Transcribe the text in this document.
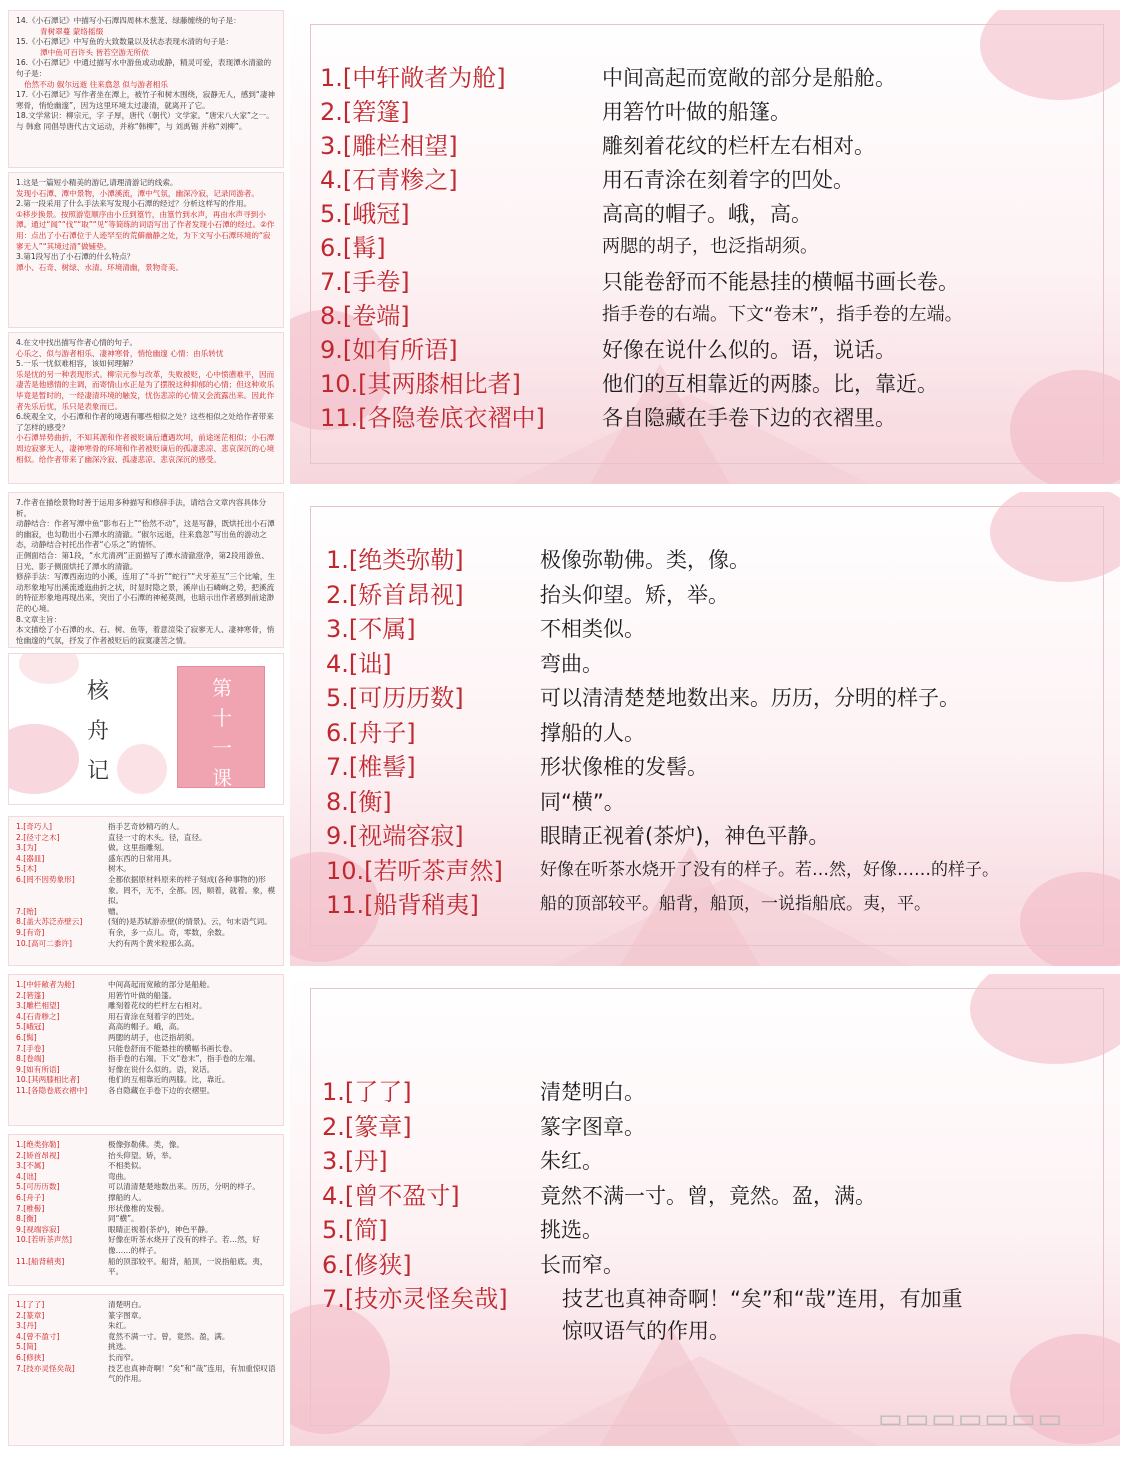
14.《小石潭记》中描写小石潭四周林木葱茏、绿藤缠绕的句子是：
青树翠蔓 蒙络摇缀
15.《小石潭记》中写鱼的大致数量以及状态表现水清的句子是：
潭中鱼可百许头 皆若空游无所依
16.《小石潭记》中通过描写水中游鱼或动或静，精灵可爱，表现潭水清澈的句子是：
佁然不动 俶尔远逝 往来翕忽 似与游者相乐
17.《小石潭记》写作者坐在潭上，被竹子和树木围绕，寂静无人，感到“凄神寒骨，悄怆幽邃”，因为这里环境太过凄清，就离开了它。
18.文学常识：柳宗元，字 子厚，唐代（朝代）文学家。“唐宋八大家”之一。与 韩愈 同倡导唐代古文运动，并称“韩柳”，与 刘禹锡 并称“刘柳”。
1.这是一篇短小精美的游记,请理清游记的线索。
发现小石潭、潭中景物，小潭溪流，潭中气氛，幽深冷寂，记录同游者。
2.第一段采用了什么手法来写发现小石潭的经过？分析这样写的作用。
①移步换景。按照游览顺序由小丘到篁竹，由篁竹到水声，再由水声寻到小潭。通过“闻”“伐”“取”“见”等简练的词语写出了作者发现小石潭的经过。②作用：点出了小石潭位于人迹罕至的荒僻幽静之处，为下文写小石潭环境的“寂寥无人”“其境过清”做铺垫。
3.第1段写出了小石潭的什么特点？
潭小、石奇、树绿、水清。环境清幽，景物奇美。
4.在文中找出描写作者心情的句子。
心乐之、似与游者相乐、凄神寒骨，悄怆幽邃 心情：由乐转忧
5.一乐一忧似难相容，该如何理解？
乐是忧的另一种表现形式。柳宗元参与改革，失败被贬，心中愤懑难平，因而凄苦是他感情的主调，而寄情山水正是为了摆脱这种抑郁的心情；但这种欢乐毕竟是暂时的，一经凄清环境的触发，忧伤悲凉的心情又会流露出来。因此作者先乐后忧，乐只是表象而已。
6.统观全文，小石潭和作者的境遇有哪些相似之处？这些相似之处给作者带来了怎样的感受？
小石潭异势曲折，不知其源和作者被贬谪后遭遇坎坷，前途迷茫相似；小石潭周边寂寥无人，凄神寒骨的环境和作者被贬谪后的孤凄悲凉、悲哀深沉的心境相似。给作者带来了幽深冷寂、孤凄悲凉、悲哀深沉的感受。
7.作者在描绘景物时善于运用多种描写和修辞手法，请结合文章内容具体分析。
动静结合：作者写潭中鱼“影布石上”“佁然不动”，这是写静，既烘托出小石潭的幽寂，也勾勒出小石潭水的清澈。“俶尔远逝，往来翕忽”写出鱼的游动之态，动静结合衬托出作者“心乐之”的情怀。
正侧面结合：第1段，“水尤清冽”正面描写了潭水清澈澄净，第2段用游鱼、日光、影子侧面烘托了潭水的清澈。
修辞手法：写潭西南边的小溪，连用了“斗折”“蛇行”“犬牙差互”三个比喻，生动形象地写出溪流逶迤曲折之状，时显时隐之景，溪岸山石嶙峋之势，把溪流的特征形象地再现出来，突出了小石潭的神秘莫测，也暗示出作者感到前途渺茫的心境。
8.文章主旨：
本文描绘了小石潭的水、石、树、鱼等，着意渲染了寂寥无人、凄神寒骨，悄怆幽邃的气氛，抒发了作者被贬后的寂寞凄苦之情。
核
舟
记
第
十
一
课
1.[奇巧人]	指手艺奇妙精巧的人。
2.[径寸之木]	直径一寸的木头。径，直径。
3.[为]	做。这里指雕刻。
4.[器皿]	盛东西的日常用具。
5.[木]	树木。
6.[罔不因势象形]	全都依据原材料原来的样子刻成(各种事物的)形象。罔不，无不，全都。因，顺着，就着。象，模拟。
7.[贻]	赠。
8.[盖大苏泛赤壁云]	(刻的)是苏轼游赤壁(的情景)。云，句末语气词。
9.[有奇]	有余，多一点儿。奇，零数，余数。
10.[高可二黍许]	大约有两个黄米粒那么高。
1.[中轩敞者为舱]	中间高起而宽敞的部分是船舱。
2.[箬篷]	用箬竹叶做的船篷。
3.[雕栏相望]	雕刻着花纹的栏杆左右相对。
4.[石青糁之]	用石青涂在刻着字的凹处。
5.[峨冠]	高高的帽子。峨，高。
6.[髯]	两腮的胡子，也泛指胡须。
7.[手卷]	只能卷舒而不能悬挂的横幅书画长卷。
8.[卷端]	指手卷的右端。下文“卷末”，指手卷的左端。
9.[如有所语]	好像在说什么似的。语，说话。
10.[其两膝相比者]	他们的互相靠近的两膝。比，靠近。
11.[各隐卷底衣褶中]	各自隐藏在手卷下边的衣褶里。
1.[绝类弥勒]	极像弥勒佛。类，像。
2.[矫首昂视]	抬头仰望。矫，举。
3.[不属]	不相类似。
4.[诎]	弯曲。
5.[可历历数]	可以清清楚楚地数出来。历历，分明的样子。
6.[舟子]	撑船的人。
7.[椎髻]	形状像椎的发髻。
8.[衡]	同“横”。
9.[视端容寂]	眼睛正视着(茶炉)，神色平静。
10.[若听茶声然]	好像在听茶水烧开了没有的样子。若…然，好像……的样子。
11.[船背稍夷]	船的顶部较平。船背，船顶，一说指船底。夷，平。
1.[了了]	清楚明白。
2.[篆章]	篆字图章。
3.[丹]	朱红。
4.[曾不盈寸]	竟然不满一寸。曾，竟然。盈，满。
5.[简]	挑选。
6.[修狭]	长而窄。
7.[技亦灵怪矣哉]	技艺也真神奇啊！“矣”和“哉”连用，有加重惊叹语气的作用。
1.[中轩敞者为舱]	中间高起而宽敞的部分是船舱。
2.[箬篷]	用箬竹叶做的船篷。
3.[雕栏相望]	雕刻着花纹的栏杆左右相对。
4.[石青糁之]	用石青涂在刻着字的凹处。
5.[峨冠]	高高的帽子。峨，高。
6.[髯]	两腮的胡子，也泛指胡须。
7.[手卷]	只能卷舒而不能悬挂的横幅书画长卷。
8.[卷端]	指手卷的右端。下文“卷末”，指手卷的左端。
9.[如有所语]	好像在说什么似的。语，说话。
10.[其两膝相比者]	他们的互相靠近的两膝。比，靠近。
11.[各隐卷底衣褶中]	各自隐藏在手卷下边的衣褶里。
1.[绝类弥勒]	极像弥勒佛。类，像。
2.[矫首昂视]	抬头仰望。矫，举。
3.[不属]	不相类似。
4.[诎]	弯曲。
5.[可历历数]	可以清清楚楚地数出来。历历，分明的样子。
6.[舟子]	撑船的人。
7.[椎髻]	形状像椎的发髻。
8.[衡]	同“横”。
9.[视端容寂]	眼睛正视着(茶炉)，神色平静。
10.[若听茶声然] 好像在听茶水烧开了没有的样子。若…然，好像……的样子。
11.[船背稍夷]	船的顶部较平。船背，船顶，一说指船底。夷，平。
1.[了了]	清楚明白。
2.[篆章]	篆字图章。
3.[丹]	朱红。
4.[曾不盈寸]	竟然不满一寸。曾，竟然。盈，满。
5.[简]	挑选。
6.[修狭]	长而窄。
7.[技亦灵怪矣哉]	技艺也真神奇啊！“矣”和“哉”连用，有加重
惊叹语气的作用。
▭▭▭▭▭▭▭
